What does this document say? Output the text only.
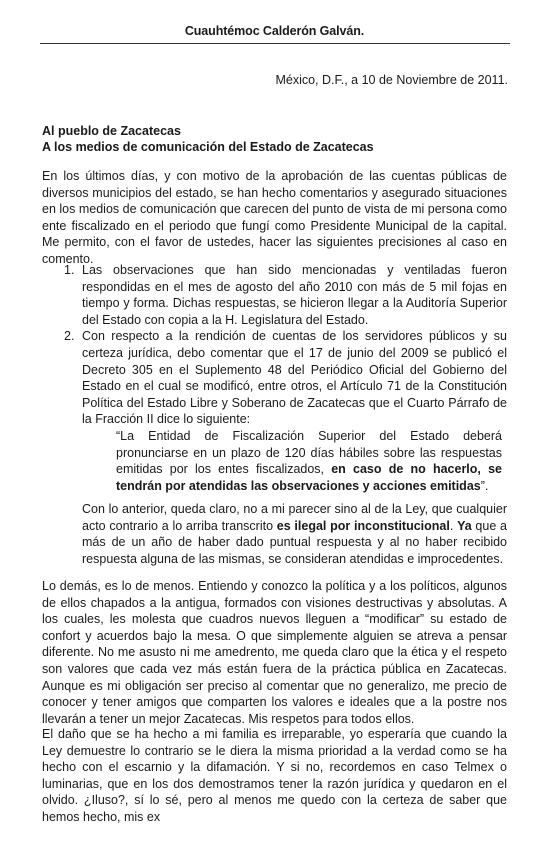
Cuauhtémoc Calderón Galván.
México, D.F., a 10 de Noviembre de 2011.
Al pueblo de Zacatecas
A los medios de comunicación del Estado de Zacatecas
En los últimos días, y con motivo de la aprobación de las cuentas públicas de diversos municipios del estado, se han hecho comentarios y asegurado situaciones en los medios de comunicación que carecen del punto de vista de mi persona como ente fiscalizado en el periodo que fungí como Presidente Municipal de la capital. Me permito, con el favor de ustedes, hacer las siguientes precisiones al caso en comento.
1. Las observaciones que han sido mencionadas y ventiladas fueron respondidas en el mes de agosto del año 2010 con más de 5 mil fojas en tiempo y forma. Dichas respuestas, se hicieron llegar a la Auditoría Superior del Estado con copia a la H. Legislatura del Estado.
2. Con respecto a la rendición de cuentas de los servidores públicos y su certeza jurídica, debo comentar que el 17 de junio del 2009 se publicó el Decreto 305 en el Suplemento 48 del Periódico Oficial del Gobierno del Estado en el cual se modificó, entre otros, el Artículo 71 de la Constitución Política del Estado Libre y Soberano de Zacatecas que el Cuarto Párrafo de la Fracción II dice lo siguiente:
“La Entidad de Fiscalización Superior del Estado deberá pronunciarse en un plazo de 120 días hábiles sobre las respuestas emitidas por los entes fiscalizados, en caso de no hacerlo, se tendrán por atendidas las observaciones y acciones emitidas”.
Con lo anterior, queda claro, no a mi parecer sino al de la Ley, que cualquier acto contrario a lo arriba transcrito es ilegal por inconstitucional. Ya que a más de un año de haber dado puntual respuesta y al no haber recibido respuesta alguna de las mismas, se consideran atendidas e improcedentes.
Lo demás, es lo de menos. Entiendo y conozco la política y a los políticos, algunos de ellos chapados a la antigua, formados con visiones destructivas y absolutas. A los cuales, les molesta que cuadros nuevos lleguen a “modificar” su estado de confort y acuerdos bajo la mesa. O que simplemente alguien se atreva a pensar diferente. No me asusto ni me amedrento, me queda claro que la ética y el respeto son valores que cada vez más están fuera de la práctica pública en Zacatecas. Aunque es mi obligación ser preciso al comentar que no generalizo, me precio de conocer y tener amigos que comparten los valores e ideales que a la postre nos llevarán a tener un mejor Zacatecas. Mis respetos para todos ellos.
El daño que se ha hecho a mi familia es irreparable, yo esperaría que cuando la Ley demuestre lo contrario se le diera la misma prioridad a la verdad como se ha hecho con el escarnio y la difamación. Y si no, recordemos en caso Telmex o luminarias, que en los dos demostramos tener la razón jurídica y quedaron en el olvido. ¿Iluso?, sí lo sé, pero al menos me quedo con la certeza de saber que hemos hecho, mis ex
